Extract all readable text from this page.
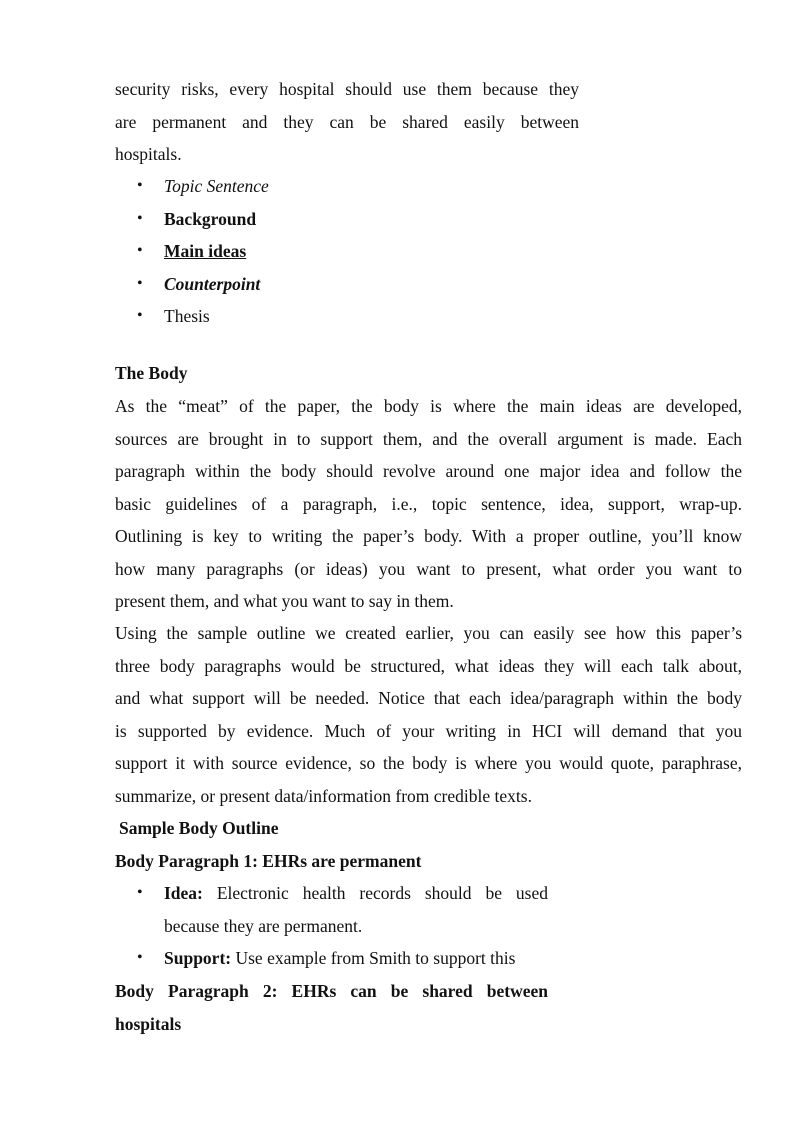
security risks, every hospital should use them because they
are permanent and they can be shared easily between
hospitals.
• Topic Sentence
• Background
• Main ideas
• Counterpoint
• Thesis
The Body
As the “meat” of the paper, the body is where the main ideas are developed,
sources are brought in to support them, and the overall argument is made. Each
paragraph within the body should revolve around one major idea and follow the
basic guidelines of a paragraph, i.e., topic sentence, idea, support, wrap-up.
Outlining is key to writing the paper’s body. With a proper outline, you’ll know
how many paragraphs (or ideas) you want to present, what order you want to
present them, and what you want to say in them.
Using the sample outline we created earlier, you can easily see how this paper’s
three body paragraphs would be structured, what ideas they will each talk about,
and what support will be needed. Notice that each idea/paragraph within the body
is supported by evidence. Much of your writing in HCI will demand that you
support it with source evidence, so the body is where you would quote, paraphrase,
summarize, or present data/information from credible texts.
Sample Body Outline
Body Paragraph 1: EHRs are permanent
• Idea: Electronic health records should be used
because they are permanent.
• Support: Use example from Smith to support this
Body Paragraph 2: EHRs can be shared between
hospitals
